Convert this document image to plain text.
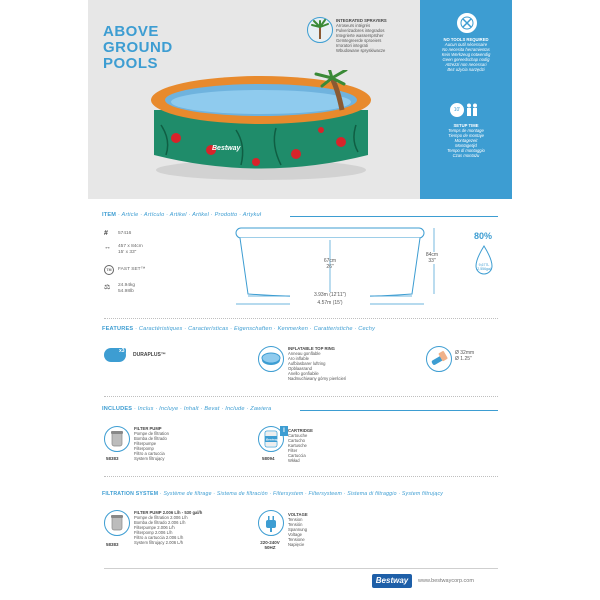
ABOVE
GROUND
POOLS
INTEGRATED SPRAYERS
Arroseurs intégrés
Pulverizadores integrados
Integrierte wassersprüher
Geïntegreerde sproeiers
Irroratori integrati
Wbudowane spryskiwacze
Bestway
NO TOOLS REQUIRED
Aucun outil nécessaire
No necesita herramientas
Kein Werkzeug notwendig
Geen gereedschap nodig
Attrezzi non necessari
Bez użycia narzędzi
10'
SETUP TIME
Temps de montage
Tiempo de montaje
Montagezeit
Montagetijd
Tempo di montaggio
Czas montażu
ITEM · Article · Artículo · Artikel · Artikel · Prodotto · Artykuł
# 57416
↔ 457 x 84cm
15' x 33"
TM FAST SET™
⚖ 24.94kg
54.98lb
67cm
26"
84cm
33"
3.93m (12'11")
4.57m (15')
80%
9,677L
2,556gal
FEATURES · Caractéristiques · Características · Eigenschaften · Kenmerken · Caratteristiche · Cechy
x3
DURAPLUS™
INFLATABLE TOP RING
Anneau gonflable
Aro inflable
Aufblasbarer luftring
Opblaasrand
Anello gonfiabile
Nadmuchiwany górny pierścień
Ø 32mm
Ø 1.25"
INCLUDES · Inclus · Incluye · Inhalt · Bevat · Include · Zawiera
58383
FILTER PUMP
Pompe de filtration
Bomba de filtrado
Filterpumpe
Filterpomp
Filtro a cartuccia
System filtrujący
Bestway
I
58094
CARTRIDGE
Cartouche
Cartucho
Kartusche
Filter
Cartuccia
Wkład
FILTRATION SYSTEM · Système de filtrage · Sistema de filtración · Filtersystem · Filtersysteem · Sistema di filtraggio · System filtrujący
58383
FILTER PUMP 2.006 L/h - 530 gal/h
Pompe de filtration 2.006 L/h
Bomba de filtrado 2.006 L/h
Filterpumpe 2.006 L/h
Filterpomp 2.006 L/h
Filtro a cartuccia 2.006 L/h
System filtrujący 2.006 L/h	220-240V
50HZ
VOLTAGE
Tension
Tensión
Spannung
Voltage
Tensione
Napięcie
Bestway	www.bestwaycorp.com
